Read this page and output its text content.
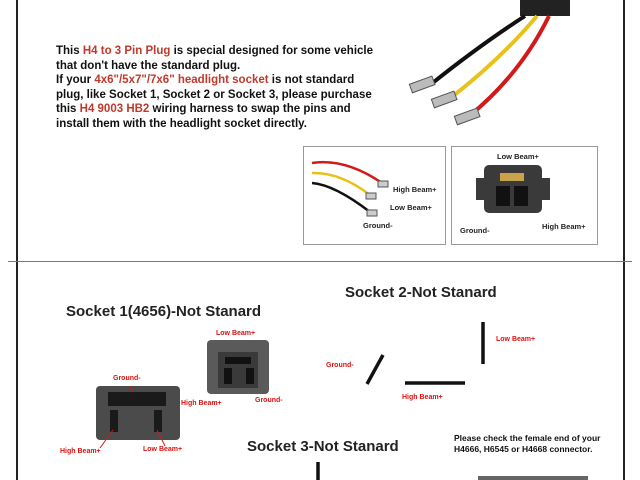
This H4 to 3 Pin Plug is special designed for some vehicle that don't have the standard plug.
If your 4x6"/5x7"/7x6" headlight socket is not standard plug, like Socket 1, Socket 2 or Socket 3, please purchase this H4 9003 HB2 wiring harness to swap the pins and install them with the headlight socket directly.
High Beam+
Low Beam+
Ground-
Low Beam+
Ground-	High Beam+
Socket 1(4656)-Not Stanard
Socket 2-Not Stanard
Socket 3-Not Stanard
Ground-
High Beam+	Low Beam+
Low Beam+
High Beam+	Ground-
Ground-
Low Beam+
High Beam+
Please check the female end of your H4666, H6545 or H4668 connector.
